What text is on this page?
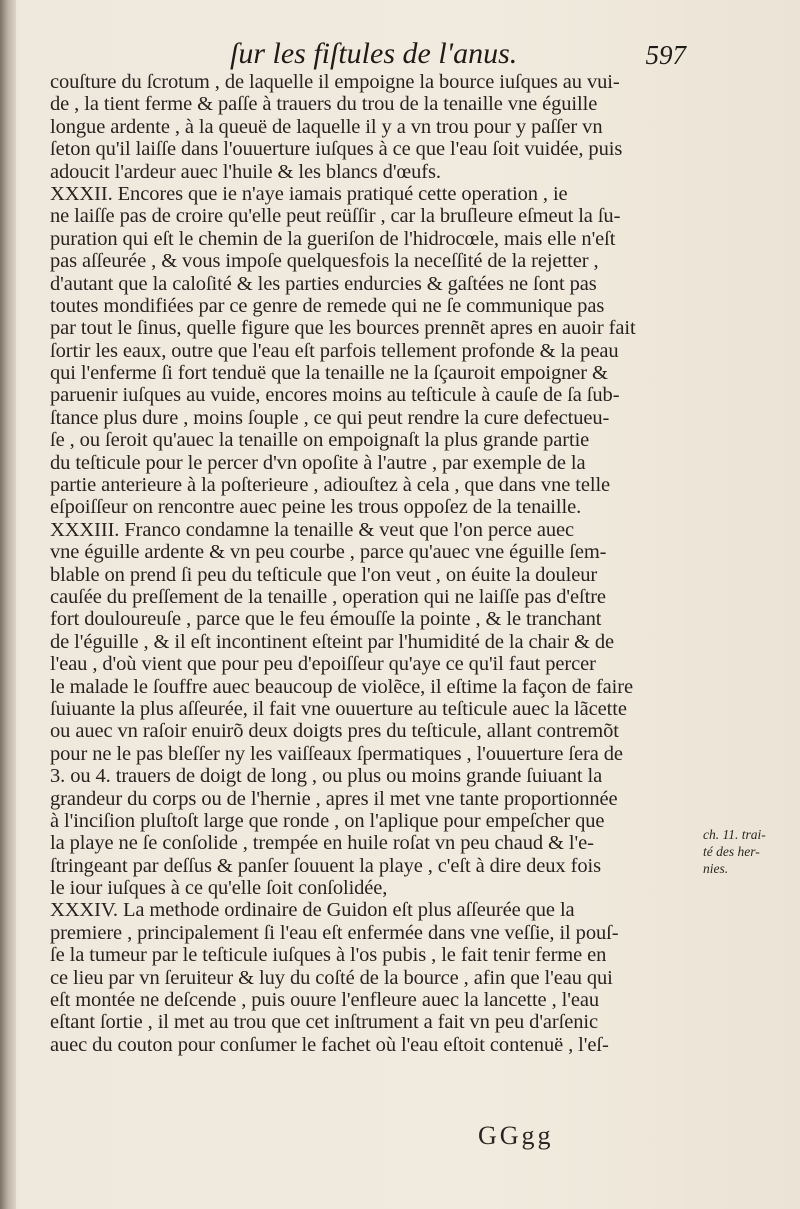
ſur les fiſtules de l'anus.	597
couſture du ſcrotum , de laquelle il empoigne la bource iuſques au vui-
de , la tient ferme & paſſe à trauers du trou de la tenaille vne éguille
longue ardente , à la queuë de laquelle il y a vn trou pour y paſſer vn
ſeton qu'il laiſſe dans l'ouuerture iuſques à ce que l'eau ſoit vuidée, puis
adoucit l'ardeur auec l'huile & les blancs d'œufs.
XXXII. Encores que ie n'aye iamais pratiqué cette operation , ie
ne laiſſe pas de croire qu'elle peut reüſſir , car la bruſleure eſmeut la ſu-
puration qui eſt le chemin de la gueriſon de l'hidrocœle, mais elle n'eſt
pas aſſeurée , & vous impoſe quelquesfois la neceſſité de la rejetter ,
d'autant que la caloſité & les parties endurcies & gaſtées ne ſont pas
toutes mondifiées par ce genre de remede qui ne ſe communique pas
par tout le ſinus, quelle figure que les bources prennẽt apres en auoir fait
ſortir les eaux, outre que l'eau eſt parfois tellement profonde & la peau
qui l'enferme ſi fort tenduë que la tenaille ne la ſçauroit empoigner &
paruenir iuſques au vuide, encores moins au teſticule à cauſe de ſa ſub-
ſtance plus dure , moins ſouple , ce qui peut rendre la cure defectueu-
ſe , ou ſeroit qu'auec la tenaille on empoignaſt la plus grande partie
du teſticule pour le percer d'vn opoſite à l'autre , par exemple de la
partie anterieure à la poſterieure , adiouſtez à cela , que dans vne telle
eſpoiſſeur on rencontre auec peine les trous oppoſez de la tenaille.
XXXIII. Franco condamne la tenaille & veut que l'on perce auec
vne éguille ardente & vn peu courbe , parce qu'auec vne éguille ſem-
blable on prend ſi peu du teſticule que l'on veut , on éuite la douleur
cauſée du preſſement de la tenaille , operation qui ne laiſſe pas d'eſtre
fort douloureuſe , parce que le feu émouſſe la pointe , & le tranchant
de l'éguille , & il eſt incontinent eſteint par l'humidité de la chair & de
l'eau , d'où vient que pour peu d'epoiſſeur qu'aye ce qu'il faut percer
le malade le ſouffre auec beaucoup de violẽce, il eſtime la façon de faire
ſuiuante la plus aſſeurée, il fait vne ouuerture au teſticule auec la lãcette
ou auec vn raſoir enuirõ deux doigts pres du teſticule, allant contremõt
pour ne le pas bleſſer ny les vaiſſeaux ſpermatiques , l'ouuerture ſera de
3. ou 4. trauers de doigt de long , ou plus ou moins grande ſuiuant la
grandeur du corps ou de l'hernie , apres il met vne tante proportionnée
à l'inciſion pluſtoſt large que ronde , on l'aplique pour empeſcher que
la playe ne ſe conſolide , trempée en huile roſat vn peu chaud & l'e-
ſtringeant par deſſus & panſer ſouuent la playe , c'eſt à dire deux fois
le iour iuſques à ce qu'elle ſoit conſolidée,
XXXIV. La methode ordinaire de Guidon eſt plus aſſeurée que la
premiere , principalement ſi l'eau eſt enfermée dans vne veſſie, il pouſ-
ſe la tumeur par le teſticule iuſques à l'os pubis , le fait tenir ferme en
ce lieu par vn ſeruiteur & luy du coſté de la bource , afin que l'eau qui
eſt montée ne deſcende , puis ouure l'enfleure auec la lancette , l'eau
eſtant ſortie , il met au trou que cet inſtrument a fait vn peu d'arſenic
auec du couton pour conſumer le fachet où l'eau eſtoit contenuë , l'eſ-
ch. 11. trai-
té des her-
nies.
GGgg
